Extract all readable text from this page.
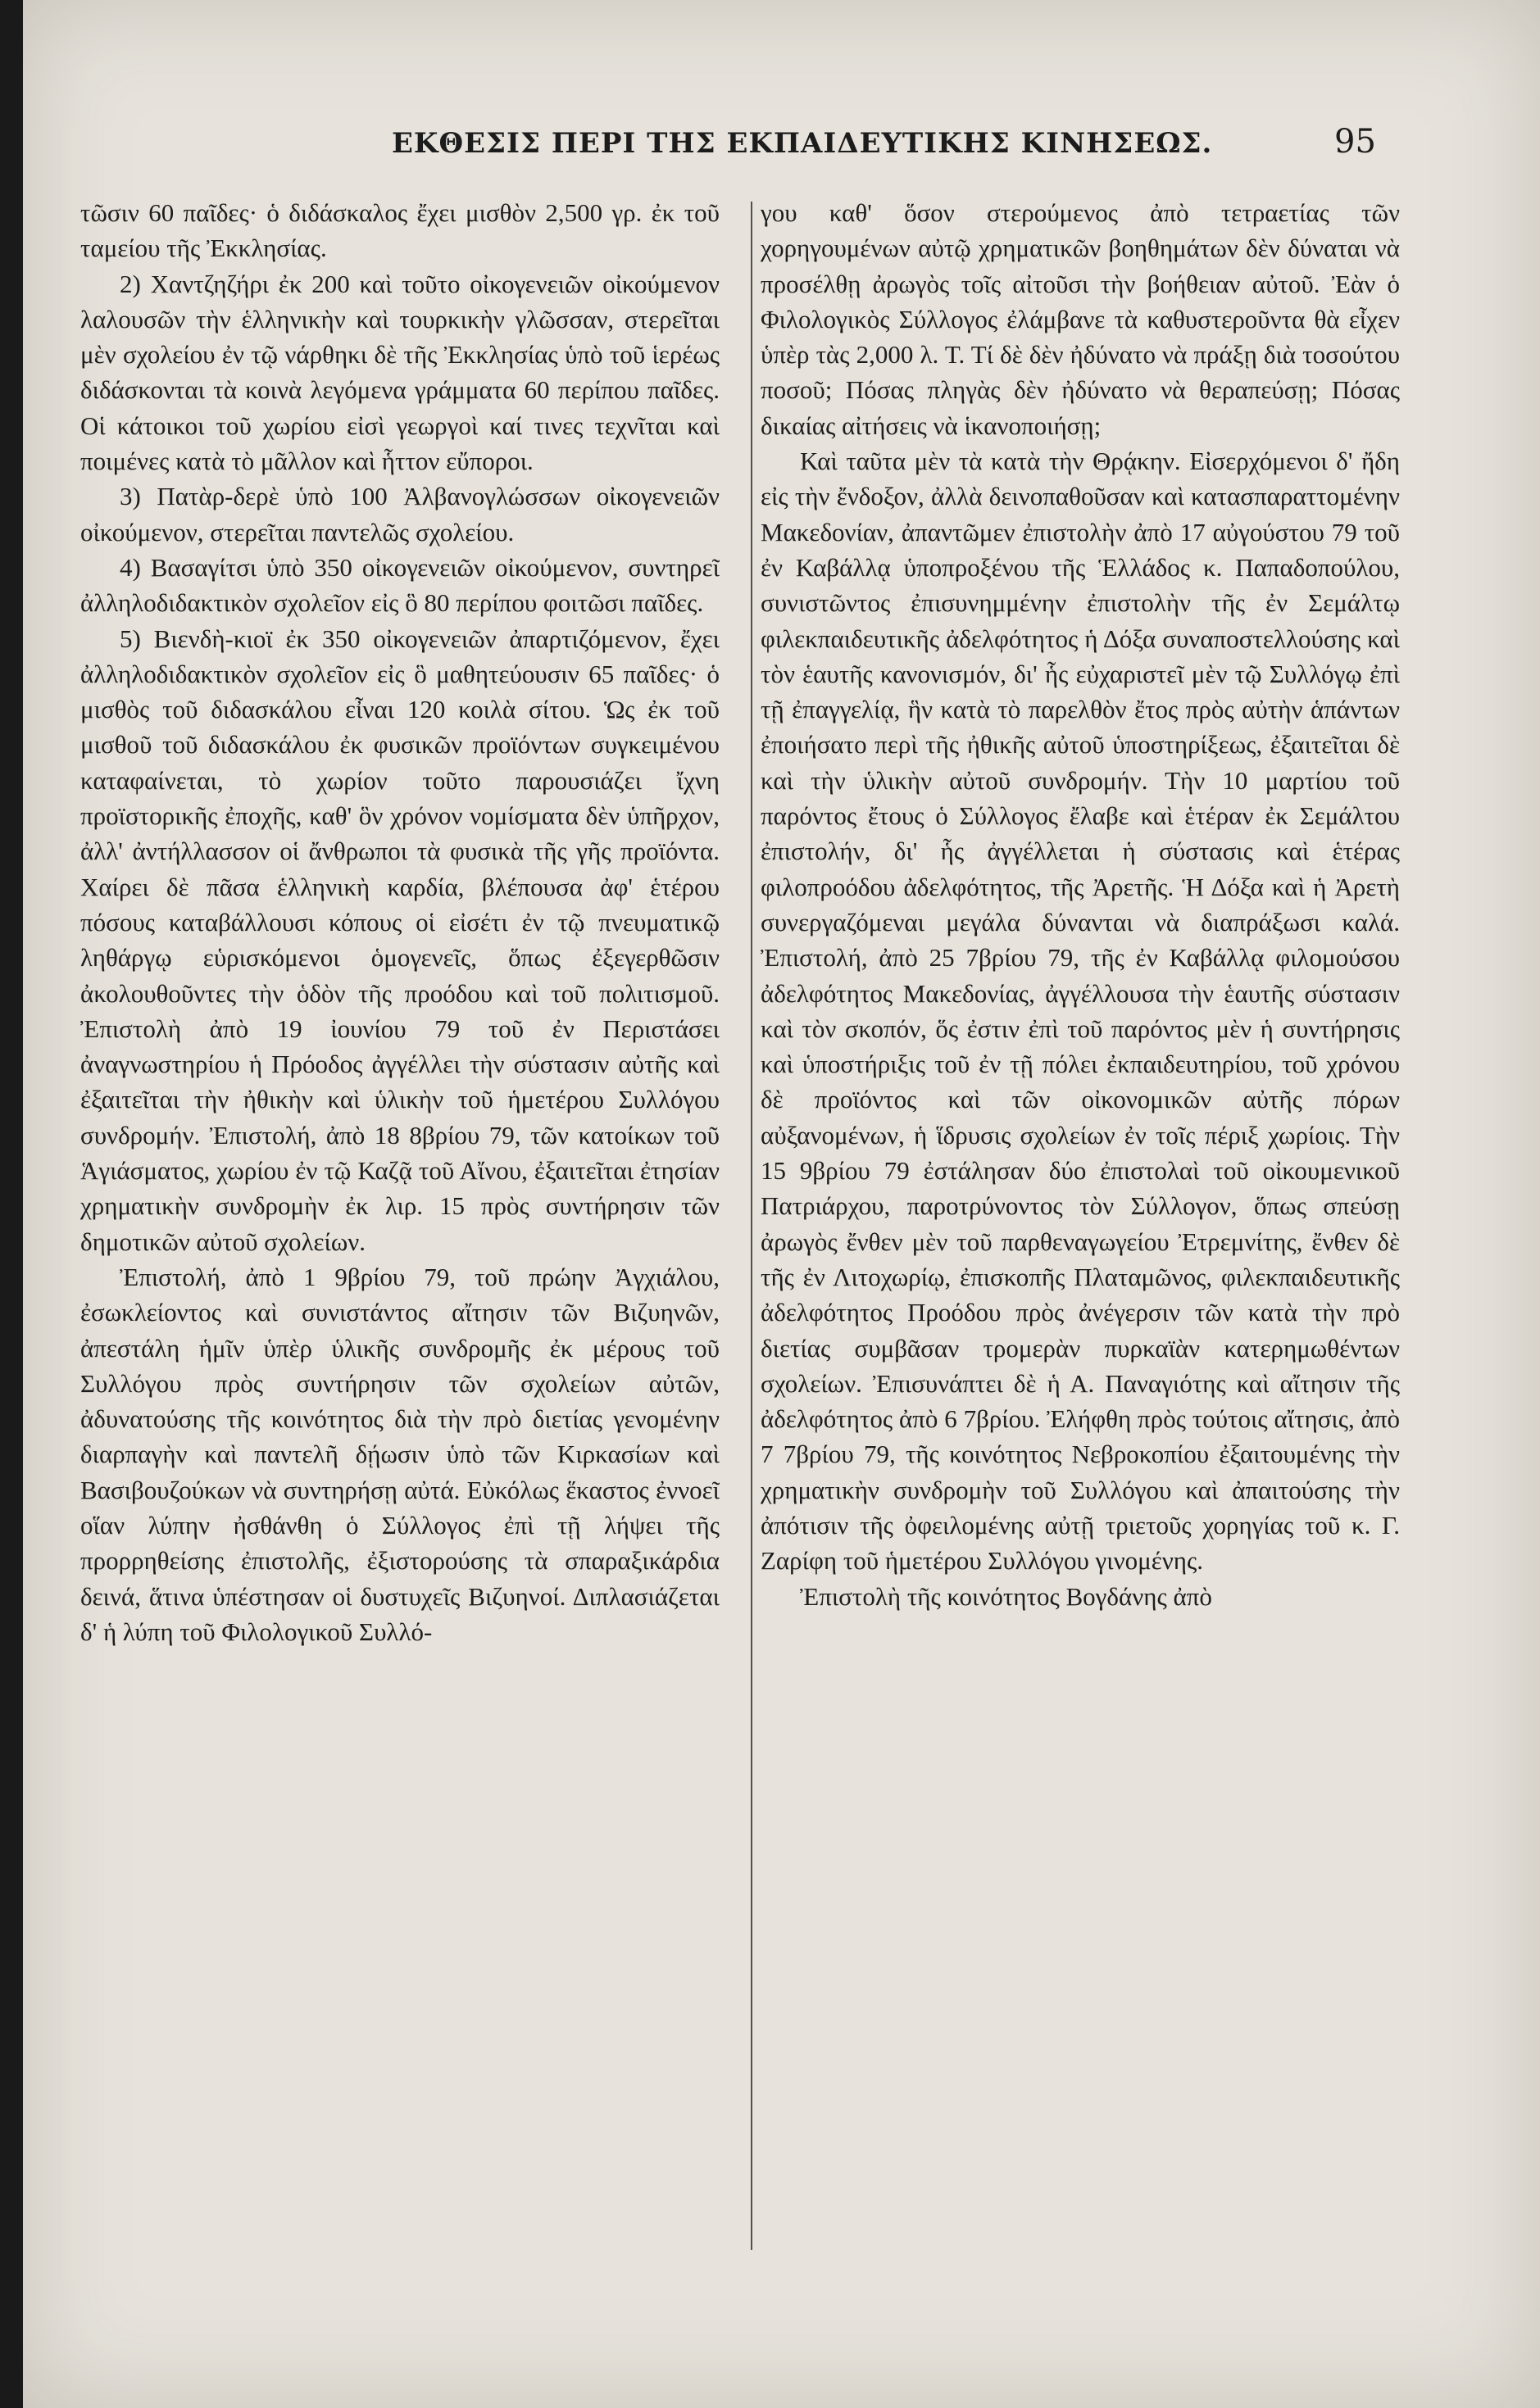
ΕΚΘΕΣΙΣ ΠΕΡΙ ΤΗΣ ΕΚΠΑΙΔΕΥΤΙΚΗΣ ΚΙΝΗΣΕΩΣ.	95

τῶσιν 60 παῖδες· ὁ διδάσκαλος ἔχει μισθὸν 2,500 γρ. ἐκ τοῦ ταμείου τῆς Ἐκκλησίας.

2) Χαντζηζήρι ἐκ 200 καὶ τοῦτο οἰκογενειῶν οἰκούμενον λαλουσῶν τὴν ἑλληνικὴν καὶ τουρκικὴν γλῶσσαν, στερεῖται μὲν σχολείου ἐν τῷ νάρθηκι δὲ τῆς Ἐκκλησίας ὑπὸ τοῦ ἱερέως διδάσκονται τὰ κοινὰ λεγόμενα γράμματα 60 περίπου παῖδες. Οἱ κάτοικοι τοῦ χωρίου εἰσὶ γεωργοὶ καί τινες τεχνῖται καὶ ποιμένες κατὰ τὸ μᾶλλον καὶ ἧττον εὔποροι.

3) Πατὰρ-δερὲ ὑπὸ 100 Ἀλβανογλώσσων οἰκογενειῶν οἰκούμενον, στερεῖται παντελῶς σχολείου.

4) Βασαγίτσι ὑπὸ 350 οἰκογενειῶν οἰκούμενον, συντηρεῖ ἀλληλοδιδακτικὸν σχολεῖον εἰς ὃ 80 περίπου φοιτῶσι παῖδες.

5) Βιενδὴ-κιοϊ ἐκ 350 οἰκογενειῶν ἀπαρτιζόμενον, ἔχει ἀλληλοδιδακτικὸν σχολεῖον εἰς ὃ μαθητεύουσιν 65 παῖδες· ὁ μισθὸς τοῦ διδασκάλου εἶναι 120 κοιλὰ σίτου. Ὡς ἐκ τοῦ μισθοῦ τοῦ διδασκάλου ἐκ φυσικῶν προϊόντων συγκειμένου καταφαίνεται, τὸ χωρίον τοῦτο παρουσιάζει ἴχνη προϊστορικῆς ἐποχῆς, καθ' ὃν χρόνον νομίσματα δὲν ὑπῆρχον, ἀλλ' ἀντήλλασσον οἱ ἄνθρωποι τὰ φυσικὰ τῆς γῆς προϊόντα. Χαίρει δὲ πᾶσα ἑλληνικὴ καρδία, βλέπουσα ἀφ' ἑτέρου πόσους καταβάλλουσι κόπους οἱ εἰσέτι ἐν τῷ πνευματικῷ ληθάργῳ εὑρισκόμενοι ὁμογενεῖς, ὅπως ἐξεγερθῶσιν ἀκολουθοῦντες τὴν ὁδὸν τῆς προόδου καὶ τοῦ πολιτισμοῦ. Ἐπιστολὴ ἀπὸ 19 ἰουνίου 79 τοῦ ἐν Περιστάσει ἀναγνωστηρίου ἡ Πρόοδος ἀγγέλλει τὴν σύστασιν αὐτῆς καὶ ἐξαιτεῖται τὴν ἠθικὴν καὶ ὑλικὴν τοῦ ἡμετέρου Συλλόγου συνδρομήν. Ἐπιστολή, ἀπὸ 18 8βρίου 79, τῶν κατοίκων τοῦ Ἁγιάσματος, χωρίου ἐν τῷ Καζᾷ τοῦ Αἴνου, ἐξαιτεῖται ἐτησίαν χρηματικὴν συνδρομὴν ἐκ λιρ. 15 πρὸς συντήρησιν τῶν δημοτικῶν αὐτοῦ σχολείων.

Ἐπιστολή, ἀπὸ 1 9βρίου 79, τοῦ πρώην Ἀγχιάλου, ἐσωκλείοντος καὶ συνιστάντος αἴτησιν τῶν Βιζυηνῶν, ἀπεστάλη ἡμῖν ὑπὲρ ὑλικῆς συνδρομῆς ἐκ μέρους τοῦ Συλλόγου πρὸς συντήρησιν τῶν σχολείων αὐτῶν, ἀδυνατούσης τῆς κοινότητος διὰ τὴν πρὸ διετίας γενομένην διαρπαγὴν καὶ παντελῆ δῄωσιν ὑπὸ τῶν Κιρκασίων καὶ Βασιβουζούκων νὰ συντηρήσῃ αὐτά. Εὐκόλως ἕκαστος ἐννοεῖ οἵαν λύπην ἠσθάνθη ὁ Σύλλογος ἐπὶ τῇ λήψει τῆς προρρηθείσης ἐπιστολῆς, ἐξιστορούσης τὰ σπαραξικάρδια δεινά, ἅτινα ὑπέστησαν οἱ δυστυχεῖς Βιζυηνοί. Διπλασιάζεται δ' ἡ λύπη τοῦ Φιλολογικοῦ Συλλό-

γου καθ' ὅσον στερούμενος ἀπὸ τετραετίας τῶν χορηγουμένων αὐτῷ χρηματικῶν βοηθημάτων δὲν δύναται νὰ προσέλθῃ ἀρωγὸς τοῖς αἰτοῦσι τὴν βοήθειαν αὐτοῦ. Ἐὰν ὁ Φιλολογικὸς Σύλλογος ἐλάμβανε τὰ καθυστεροῦντα θὰ εἶχεν ὑπὲρ τὰς 2,000 λ. Τ. Τί δὲ δὲν ἠδύνατο νὰ πράξῃ διὰ τοσούτου ποσοῦ; Πόσας πληγὰς δὲν ἠδύνατο νὰ θεραπεύσῃ; Πόσας δικαίας αἰτήσεις νὰ ἱκανοποιήσῃ;

Καὶ ταῦτα μὲν τὰ κατὰ τὴν Θρᾴκην. Εἰσερχόμενοι δ' ἤδη εἰς τὴν ἔνδοξον, ἀλλὰ δεινοπαθοῦσαν καὶ κατασπαραττομένην Μακεδονίαν, ἀπαντῶμεν ἐπιστολὴν ἀπὸ 17 αὐγούστου 79 τοῦ ἐν Καβάλλᾳ ὑποπροξένου τῆς Ἑλλάδος κ. Παπαδοπούλου, συνιστῶντος ἐπισυνημμένην ἐπιστολὴν τῆς ἐν Σεμάλτῳ φιλεκπαιδευτικῆς ἀδελφότητος ἡ Δόξα συναποστελλούσης καὶ τὸν ἑαυτῆς κανονισμόν, δι' ἧς εὐχαριστεῖ μὲν τῷ Συλλόγῳ ἐπὶ τῇ ἐπαγγελίᾳ, ἣν κατὰ τὸ παρελθὸν ἔτος πρὸς αὐτὴν ἁπάντων ἐποιήσατο περὶ τῆς ἠθικῆς αὐτοῦ ὑποστηρίξεως, ἐξαιτεῖται δὲ καὶ τὴν ὑλικὴν αὐτοῦ συνδρομήν. Τὴν 10 μαρτίου τοῦ παρόντος ἔτους ὁ Σύλλογος ἔλαβε καὶ ἑτέραν ἐκ Σεμάλτου ἐπιστολήν, δι' ἧς ἀγγέλλεται ἡ σύστασις καὶ ἑτέρας φιλοπροόδου ἀδελφότητος, τῆς Ἀρετῆς. Ἡ Δόξα καὶ ἡ Ἀρετὴ συνεργαζόμεναι μεγάλα δύνανται νὰ διαπράξωσι καλά. Ἐπιστολή, ἀπὸ 25 7βρίου 79, τῆς ἐν Καβάλλᾳ φιλομούσου ἀδελφότητος Μακεδονίας, ἀγγέλλουσα τὴν ἑαυτῆς σύστασιν καὶ τὸν σκοπόν, ὅς ἐστιν ἐπὶ τοῦ παρόντος μὲν ἡ συντήρησις καὶ ὑποστήριξις τοῦ ἐν τῇ πόλει ἐκπαιδευτηρίου, τοῦ χρόνου δὲ προϊόντος καὶ τῶν οἰκονομικῶν αὐτῆς πόρων αὐξανομένων, ἡ ἵδρυσις σχολείων ἐν τοῖς πέριξ χωρίοις. Τὴν 15 9βρίου 79 ἐστάλησαν δύο ἐπιστολαὶ τοῦ οἰκουμενικοῦ Πατριάρχου, παροτρύνοντος τὸν Σύλλογον, ὅπως σπεύσῃ ἀρωγὸς ἔνθεν μὲν τοῦ παρθεναγωγείου Ἐτρεμνίτης, ἔνθεν δὲ τῆς ἐν Λιτοχωρίῳ, ἐπισκοπῆς Πλαταμῶνος, φιλεκπαιδευτικῆς ἀδελφότητος Προόδου πρὸς ἀνέγερσιν τῶν κατὰ τὴν πρὸ διετίας συμβᾶσαν τρομερὰν πυρκαϊὰν κατερημωθέντων σχολείων. Ἐπισυνάπτει δὲ ἡ Α. Παναγιότης καὶ αἴτησιν τῆς ἀδελφότητος ἀπὸ 6 7βρίου. Ἐλήφθη πρὸς τούτοις αἴτησις, ἀπὸ 7 7βρίου 79, τῆς κοινότητος Νεβροκοπίου ἐξαιτουμένης τὴν χρηματικὴν συνδρομὴν τοῦ Συλλόγου καὶ ἀπαιτούσης τὴν ἀπότισιν τῆς ὀφειλομένης αὐτῇ τριετοῦς χορηγίας τοῦ κ. Γ. Ζαρίφη τοῦ ἡμετέρου Συλλόγου γινομένης.

Ἐπιστολὴ τῆς κοινότητος Βογδάνης ἀπὸ
